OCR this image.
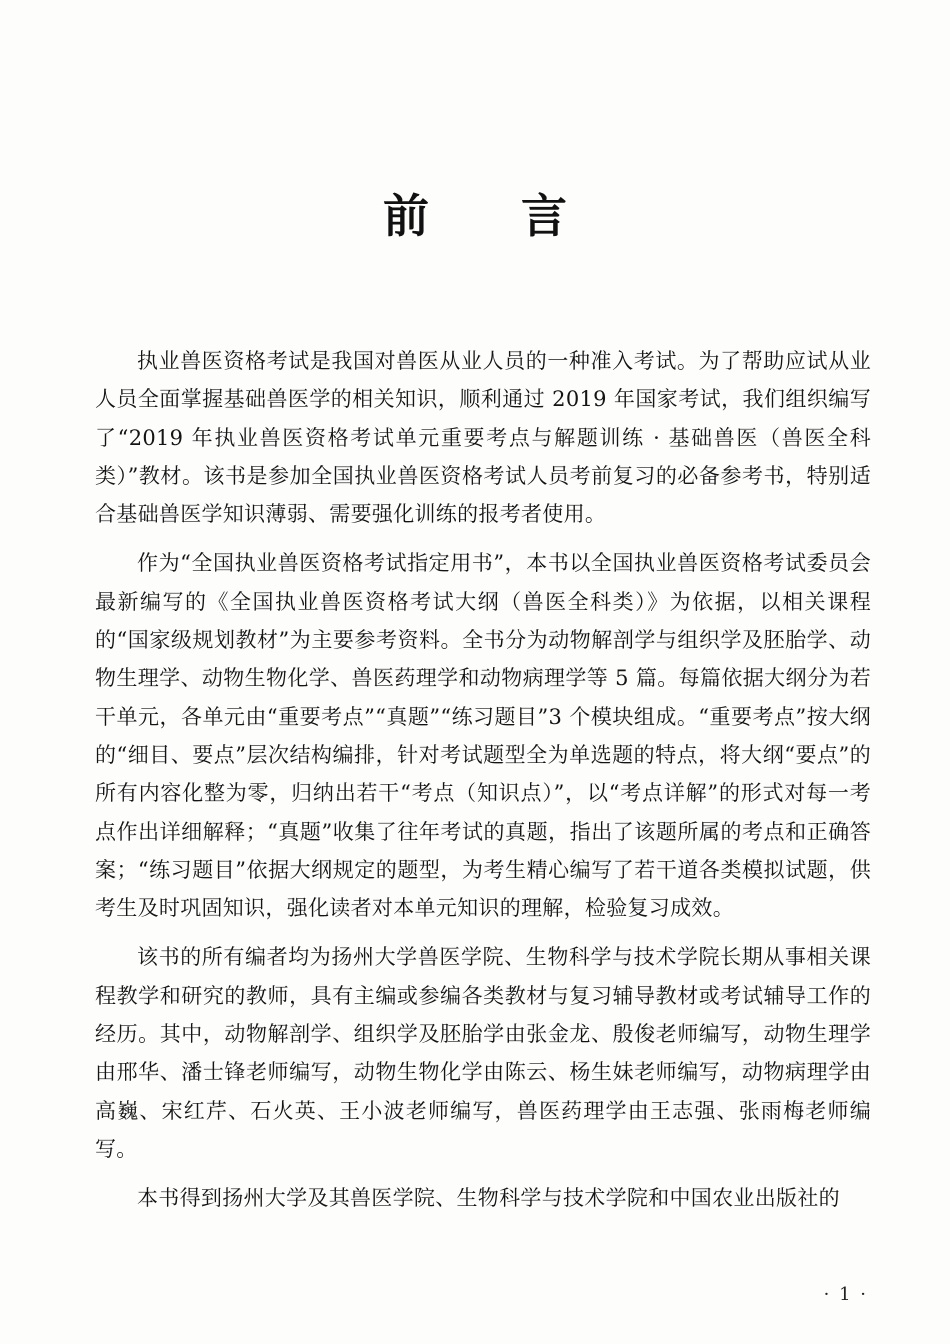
前 言

执业兽医资格考试是我国对兽医从业人员的一种准入考试。为了帮助应试从业人员全面掌握基础兽医学的相关知识，顺利通过 2019 年国家考试，我们组织编写了“2019 年执业兽医资格考试单元重要考点与解题训练 · 基础兽医（兽医全科类）”教材。该书是参加全国执业兽医资格考试人员考前复习的必备参考书，特别适合基础兽医学知识薄弱、需要强化训练的报考者使用。

作为“全国执业兽医资格考试指定用书”，本书以全国执业兽医资格考试委员会最新编写的《全国执业兽医资格考试大纲（兽医全科类）》为依据，以相关课程的“国家级规划教材”为主要参考资料。全书分为动物解剖学与组织学及胚胎学、动物生理学、动物生物化学、兽医药理学和动物病理学等 5 篇。每篇依据大纲分为若干单元，各单元由“重要考点”“真题”“练习题目”3 个模块组成。“重要考点”按大纲的“细目、要点”层次结构编排，针对考试题型全为单选题的特点，将大纲“要点”的所有内容化整为零，归纳出若干“考点（知识点）”，以“考点详解”的形式对每一考点作出详细解释；“真题”收集了往年考试的真题，指出了该题所属的考点和正确答案；“练习题目”依据大纲规定的题型，为考生精心编写了若干道各类模拟试题，供考生及时巩固知识，强化读者对本单元知识的理解，检验复习成效。

该书的所有编者均为扬州大学兽医学院、生物科学与技术学院长期从事相关课程教学和研究的教师，具有主编或参编各类教材与复习辅导教材或考试辅导工作的经历。其中，动物解剖学、组织学及胚胎学由张金龙、殷俊老师编写，动物生理学由邢华、潘士锋老师编写，动物生物化学由陈云、杨生妹老师编写，动物病理学由高巍、宋红芹、石火英、王小波老师编写，兽医药理学由王志强、张雨梅老师编写。

本书得到扬州大学及其兽医学院、生物科学与技术学院和中国农业出版社的

· 1 ·
